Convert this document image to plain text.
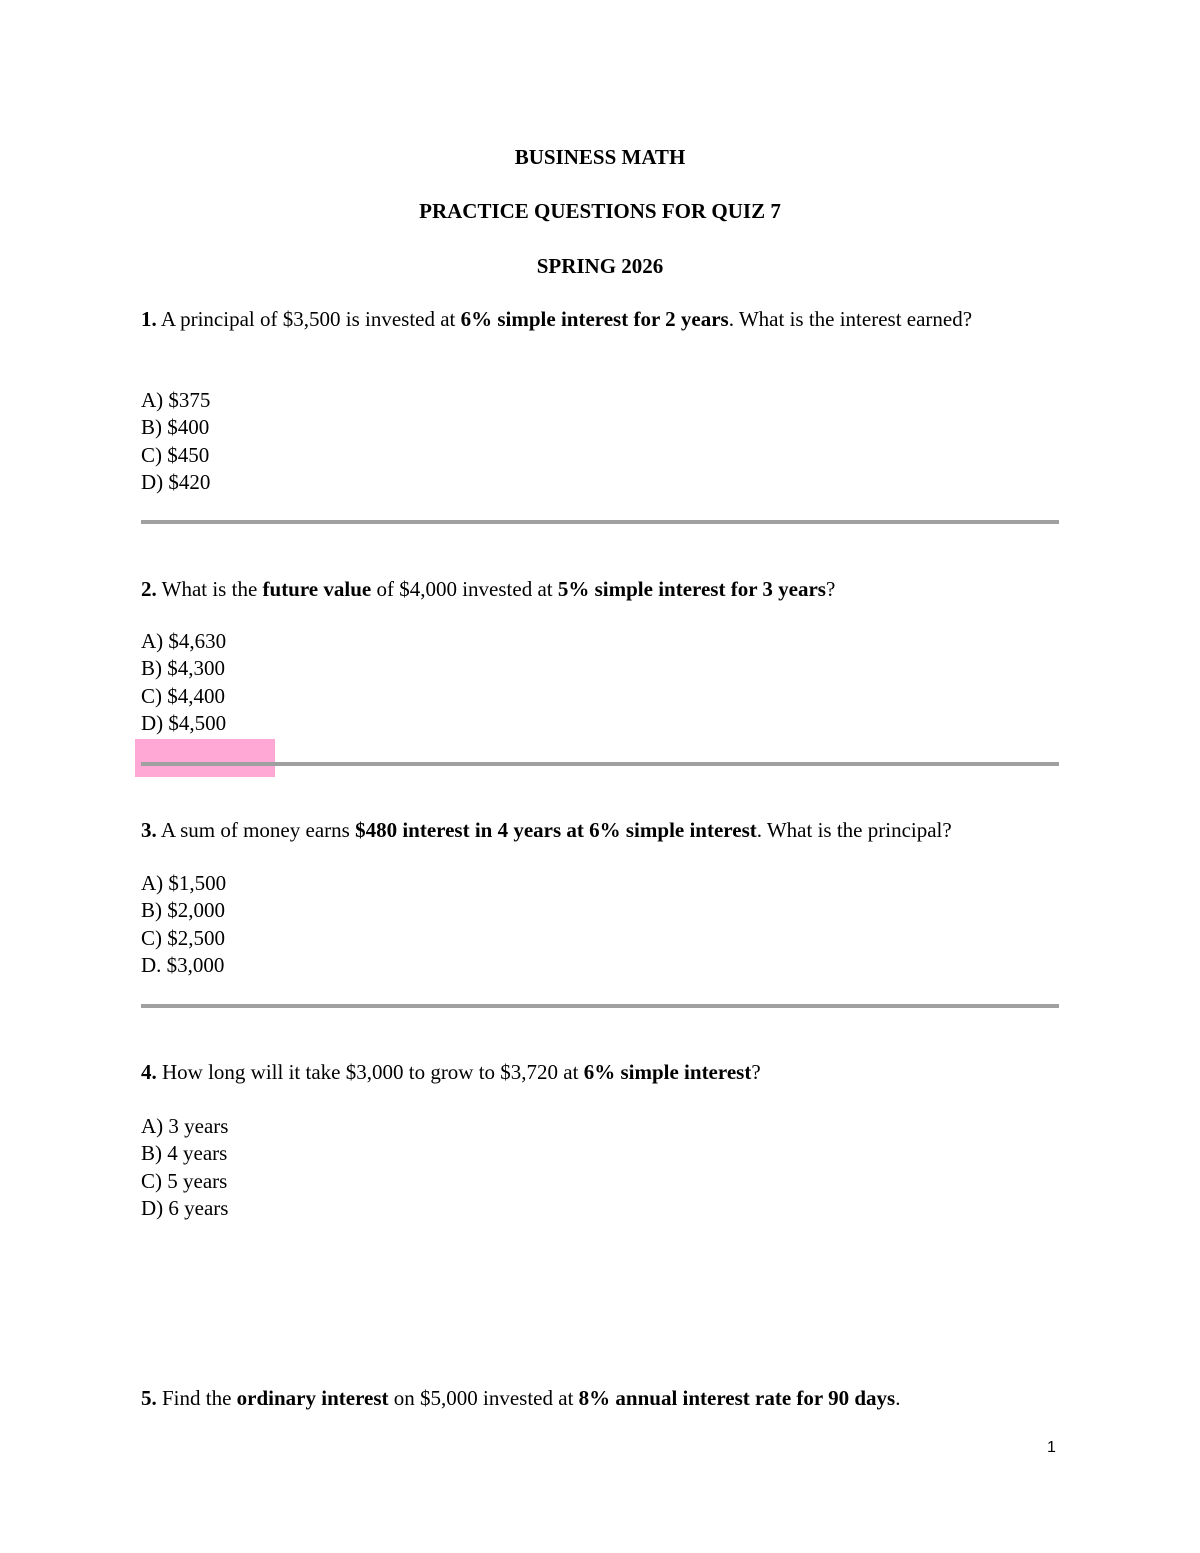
BUSINESS MATH
PRACTICE QUESTIONS FOR QUIZ 7
SPRING 2026
1. A principal of $3,500 is invested at 6% simple interest for 2 years. What is the interest earned?
A) $375
B) $400
C) $450
D) $420
2. What is the future value of $4,000 invested at 5% simple interest for 3 years?
A) $4,630
B) $4,300
C) $4,400
D) $4,500
3. A sum of money earns $480 interest in 4 years at 6% simple interest. What is the principal?
A) $1,500
B) $2,000
C) $2,500
D. $3,000
4. How long will it take $3,000 to grow to $3,720 at 6% simple interest?
A) 3 years
B) 4 years
C) 5 years
D) 6 years
5. Find the ordinary interest on $5,000 invested at 8% annual interest rate for 90 days.
1
